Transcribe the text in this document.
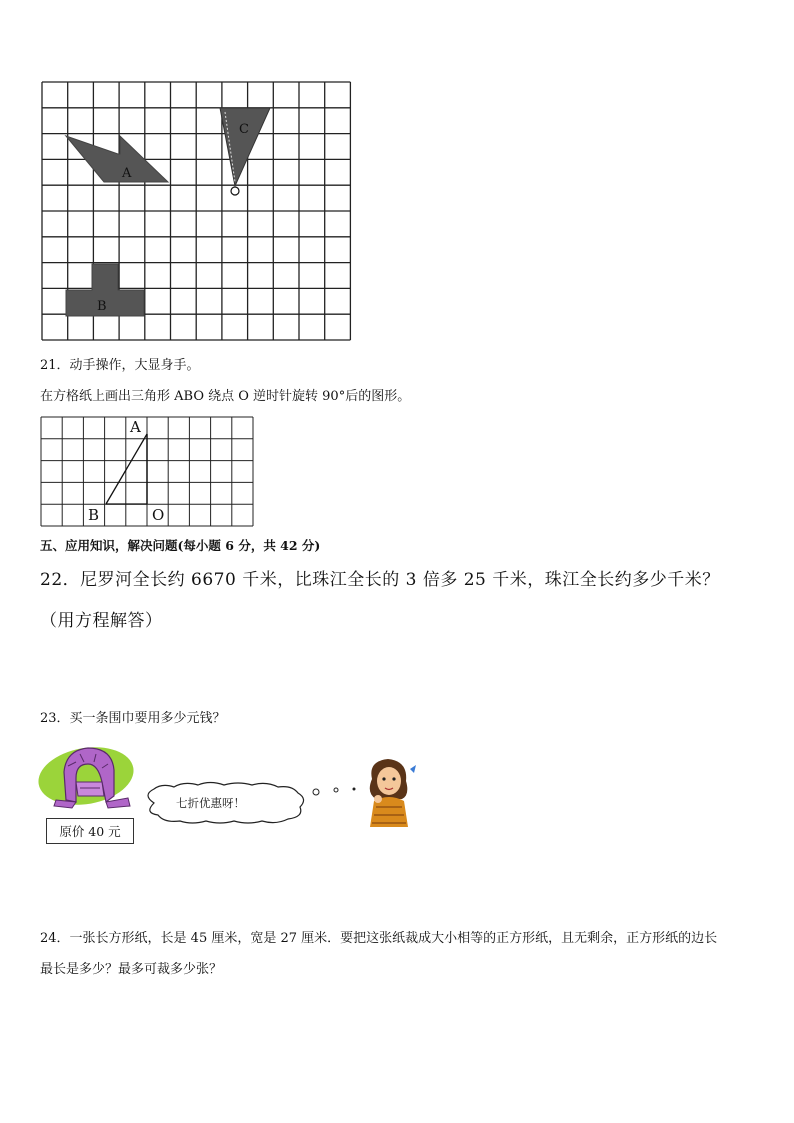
A
B
C
21．动手操作，大显身手。
在方格纸上画出三角形 ABO 绕点 O 逆时针旋转 90°后的图形。
A
B	O
五、应用知识，解决问题(每小题 6 分，共 42 分)
22．尼罗河全长约 6670 千米，比珠江全长的 3 倍多 25 千米，珠江全长约多少千米？
（用方程解答）
23．买一条围巾要用多少元钱？
原价 40 元
七折优惠呀！
24．一张长方形纸，长是 45 厘米，宽是 27 厘米．要把这张纸裁成大小相等的正方形纸，且无剩余，正方形纸的边长
最长是多少？最多可裁多少张？
